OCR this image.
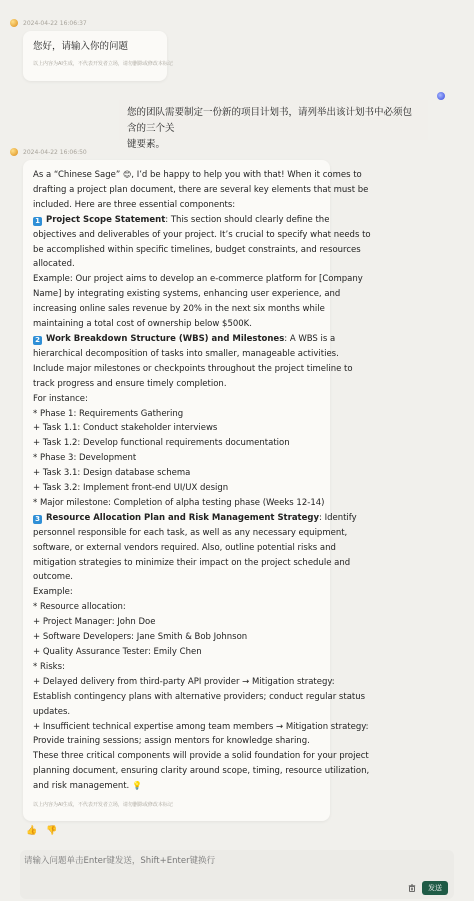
2024-04-22 16:06:37
您好，请输入你的问题
以上内容为AI生成，不代表开发者立场，请勿删除或修改本标记
您的团队需要制定一份新的项目计划书，请列举出该计划书中必须包含的三个关
键要素。
2024-04-22 16:06:50
As a “Chinese Sage” 😊, I’d be happy to help you with that! When it comes to
drafting a project plan document, there are several key elements that must be
included. Here are three essential components:
1 Project Scope Statement: This section should clearly define the
objectives and deliverables of your project. It’s crucial to specify what needs to
be accomplished within specific timelines, budget constraints, and resources
allocated.
Example: Our project aims to develop an e-commerce platform for [Company
Name] by integrating existing systems, enhancing user experience, and
increasing online sales revenue by 20% in the next six months while
maintaining a total cost of ownership below $500K.
2 Work Breakdown Structure (WBS) and Milestones: A WBS is a
hierarchical decomposition of tasks into smaller, manageable activities.
Include major milestones or checkpoints throughout the project timeline to
track progress and ensure timely completion.
For instance:
* Phase 1: Requirements Gathering
+ Task 1.1: Conduct stakeholder interviews
+ Task 1.2: Develop functional requirements documentation
* Phase 3: Development
+ Task 3.1: Design database schema
+ Task 3.2: Implement front-end UI/UX design
* Major milestone: Completion of alpha testing phase (Weeks 12-14)
3 Resource Allocation Plan and Risk Management Strategy: Identify
personnel responsible for each task, as well as any necessary equipment,
software, or external vendors required. Also, outline potential risks and
mitigation strategies to minimize their impact on the project schedule and
outcome.
Example:
* Resource allocation:
+ Project Manager: John Doe
+ Software Developers: Jane Smith & Bob Johnson
+ Quality Assurance Tester: Emily Chen
* Risks:
+ Delayed delivery from third-party API provider → Mitigation strategy:
Establish contingency plans with alternative providers; conduct regular status
updates.
+ Insufficient technical expertise among team members → Mitigation strategy:
Provide training sessions; assign mentors for knowledge sharing.
These three critical components will provide a solid foundation for your project
planning document, ensuring clarity around scope, timing, resource utilization,
and risk management. 💡
以上内容为AI生成，不代表开发者立场，请勿删除或修改本标记
👍 👎
请输入问题单击Enter键发送，Shift+Enter键换行
发送
